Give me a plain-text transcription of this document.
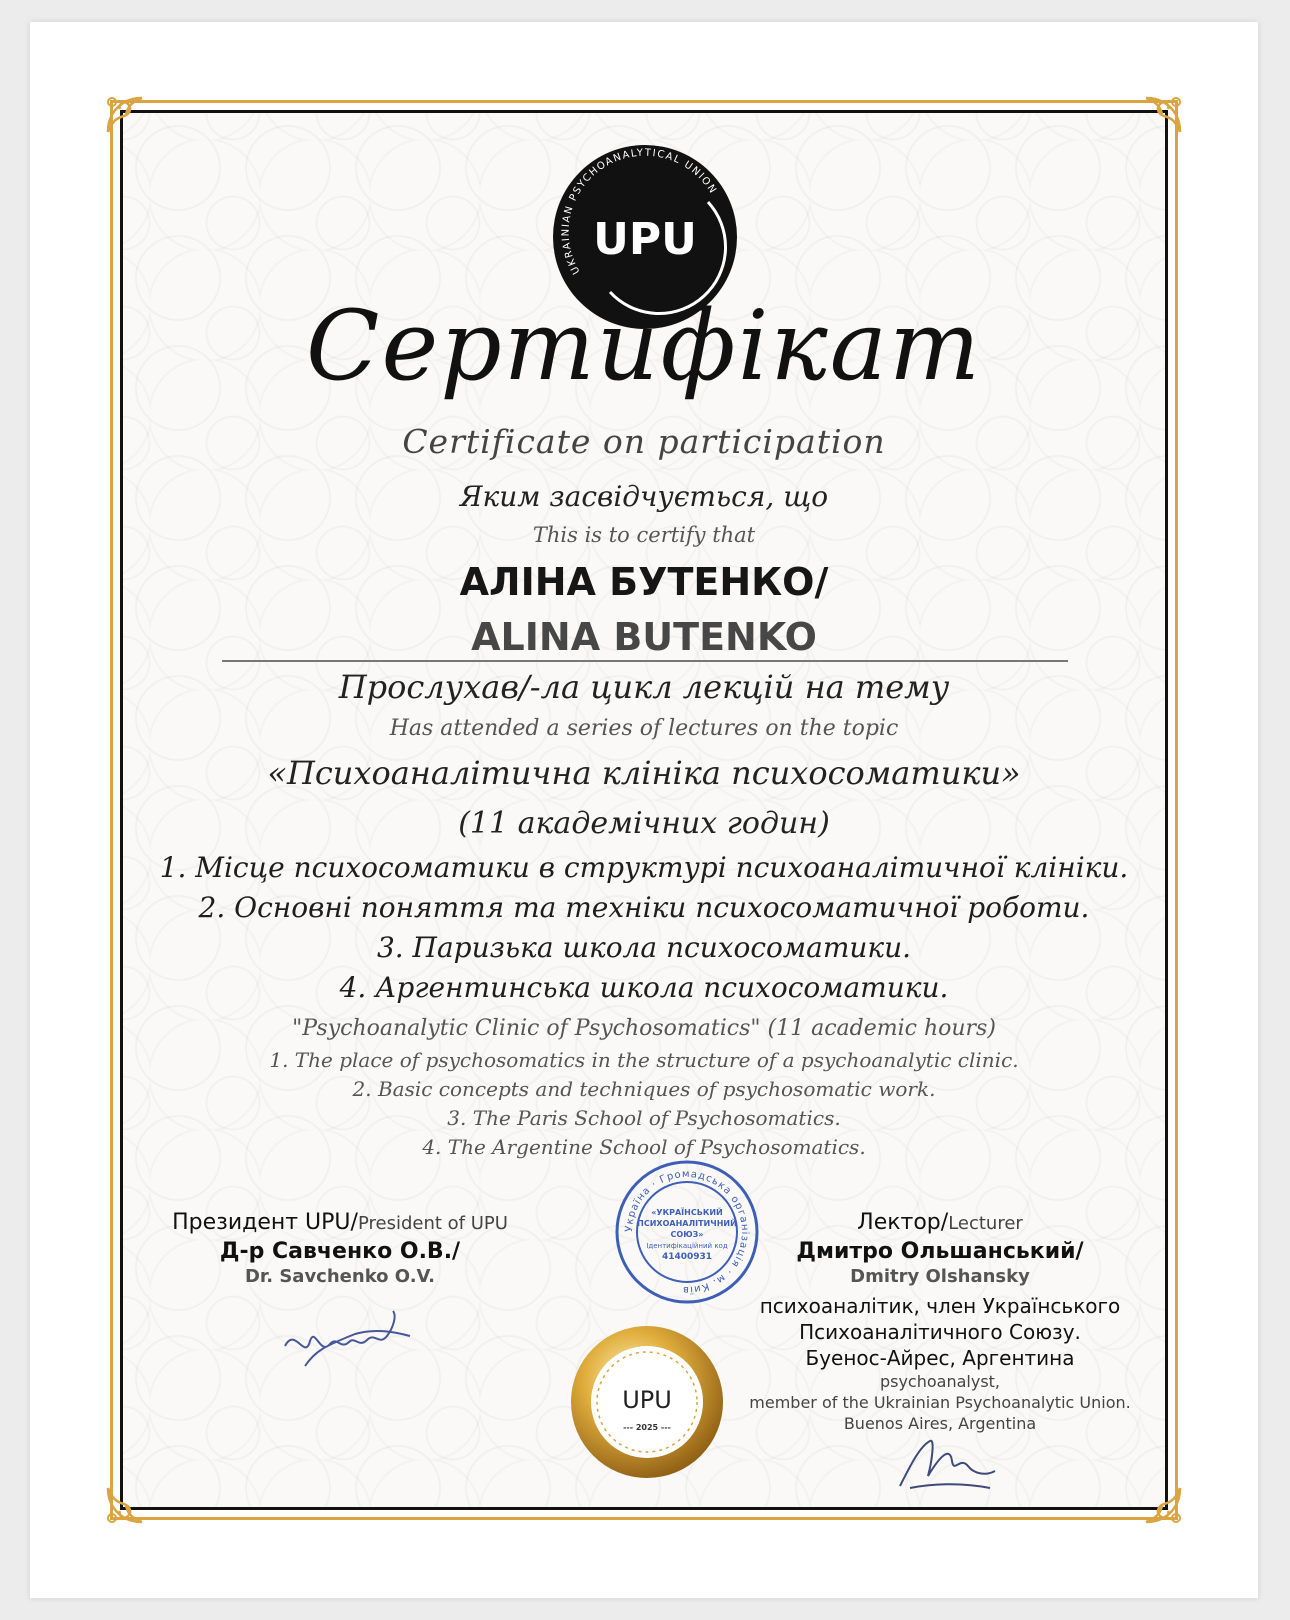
UKRAINIAN PSYCHOANALYTICAL UNION
UPU
Сертифікат
Certificate on participation
Яким засвідчується, що
This is to certify that
АЛІНА БУТЕНКО/
ALINA BUTENKO
Прослухав/-ла цикл лекцій на тему
Has attended a series of lectures on the topic
«Психоаналітична клініка психосоматики»
(11 академічних годин)
1. Місце психосоматики в структурі психоаналітичної клініки.
2. Основні поняття та техніки психосоматичної роботи.
3. Паризька школа психосоматики.
4. Аргентинська школа психосоматики.
"Psychoanalytic Clinic of Psychosomatics" (11 academic hours)
1. The place of psychosomatics in the structure of a psychoanalytic clinic.
2. Basic concepts and techniques of psychosomatic work.
3. The Paris School of Psychosomatics.
4. The Argentine School of Psychosomatics.
Президент UPU/President of UPU
Д-р Савченко О.В./
Dr. Savchenko O.V.
Україна · Громадська організація · м. Київ
«УКРАЇНСЬКИЙ
ПСИХОАНАЛІТИЧНИЙ
СОЮЗ»
Ідентифікаційний код
41400931
Лектор/Lecturer
Дмитро Ольшанський/
Dmitry Olshansky
психоаналітик, член Українського
Психоаналітичного Союзу.
Буенос-Айрес, Аргентина
psychoanalyst,
member of the Ukrainian Psychoanalytic Union.
Buenos Aires, Argentina
UPU
--- 2025 ---
